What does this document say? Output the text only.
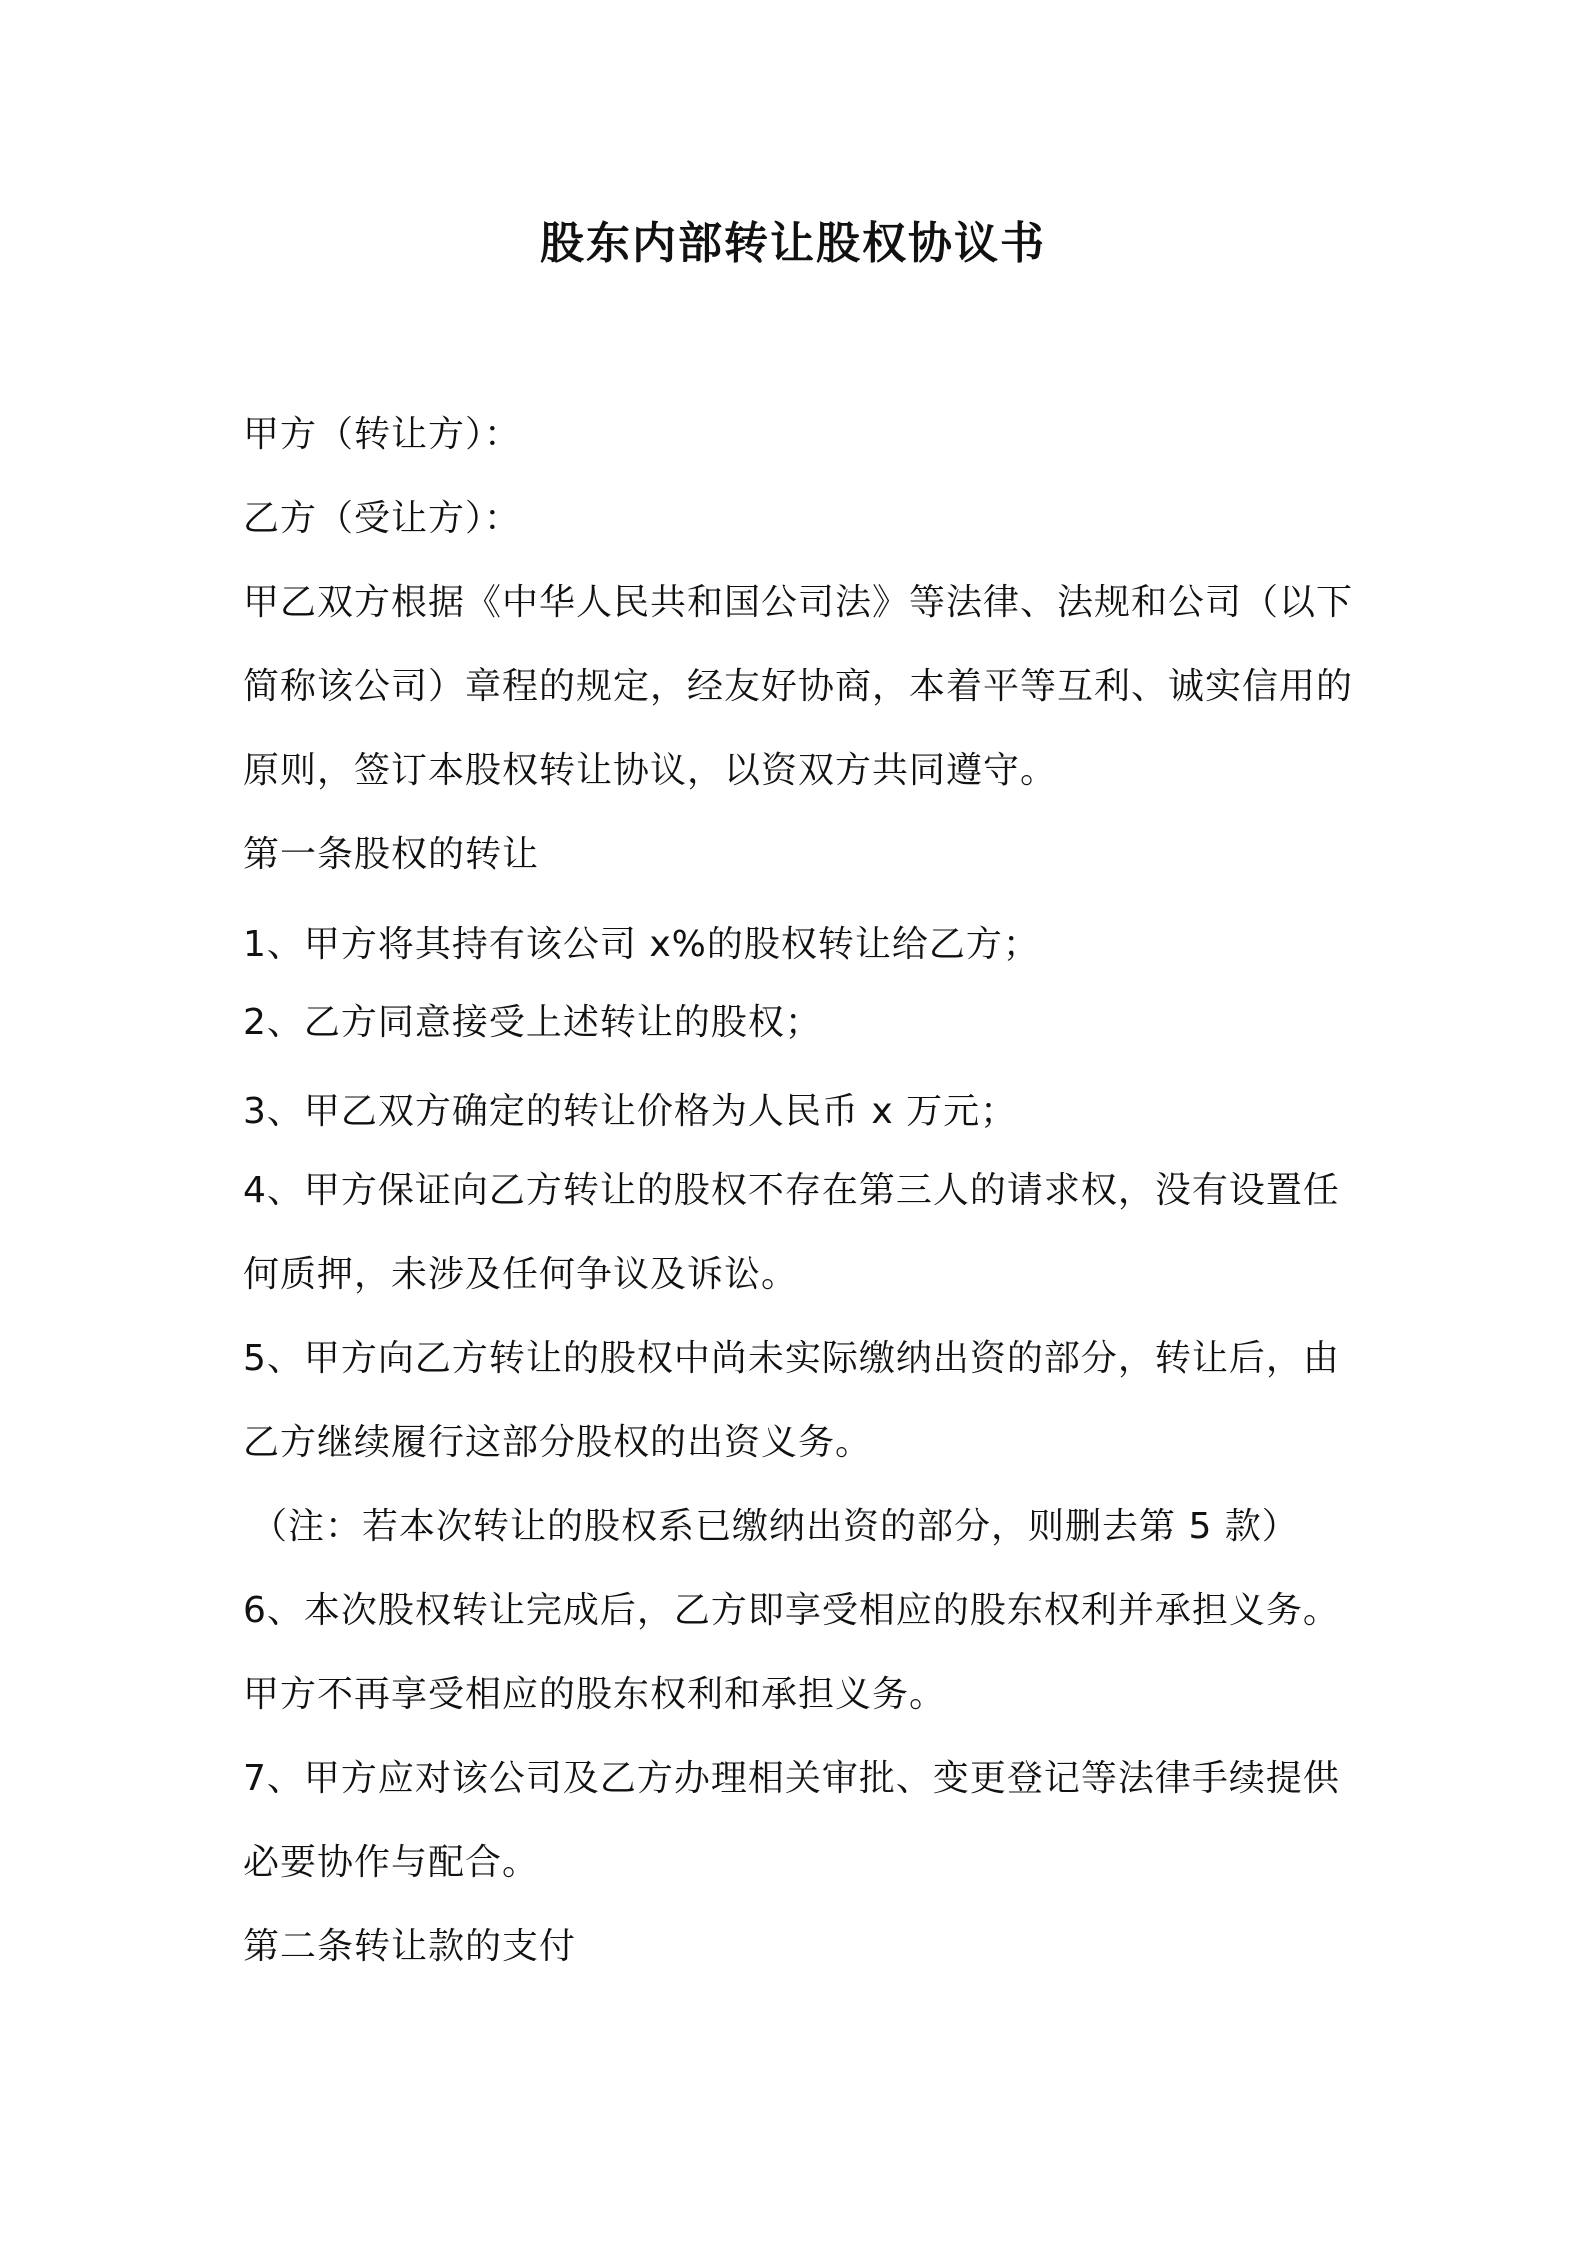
股东内部转让股权协议书
甲方（转让方）：
乙方（受让方）：
甲乙双方根据《中华人民共和国公司法》等法律、法规和公司（以下
简称该公司）章程的规定，经友好协商，本着平等互利、诚实信用的
原则，签订本股权转让协议，以资双方共同遵守。
第一条股权的转让
1、甲方将其持有该公司 x%的股权转让给乙方；
2、乙方同意接受上述转让的股权；
3、甲乙双方确定的转让价格为人民币 x 万元；
4、甲方保证向乙方转让的股权不存在第三人的请求权，没有设置任
何质押，未涉及任何争议及诉讼。
5、甲方向乙方转让的股权中尚未实际缴纳出资的部分，转让后，由
乙方继续履行这部分股权的出资义务。
（注：若本次转让的股权系已缴纳出资的部分，则删去第 5 款）
6、本次股权转让完成后，乙方即享受相应的股东权利并承担义务。
甲方不再享受相应的股东权利和承担义务。
7、甲方应对该公司及乙方办理相关审批、变更登记等法律手续提供
必要协作与配合。
第二条转让款的支付
